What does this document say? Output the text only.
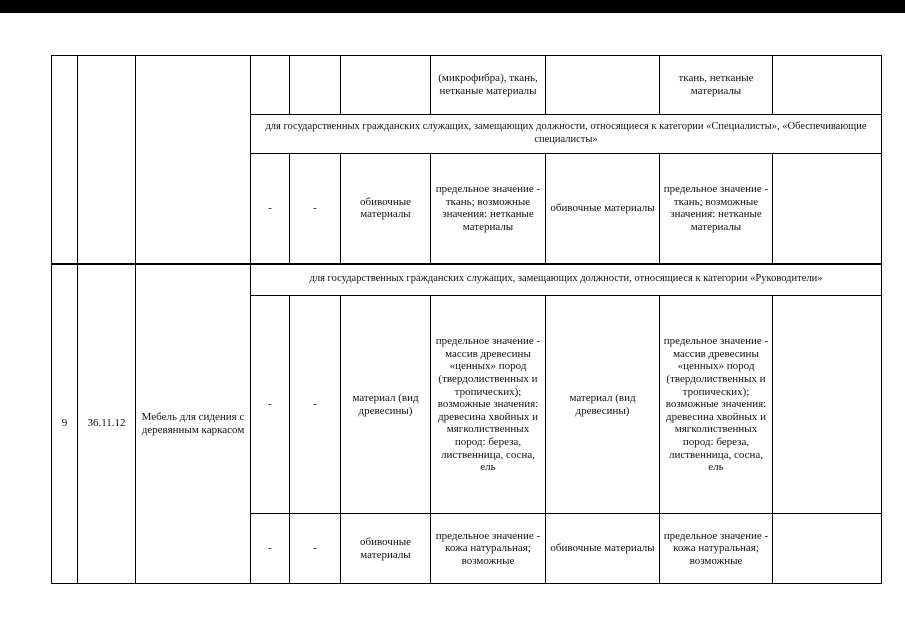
						(микрофибра), ткань, нетканые материалы		ткань, нетканые материалы	
			для государственных гражданских служащих, замещающих должности, относящиеся к категории «Специалисты», «Обеспечивающие специалисты»						
			-	-	обивочные материалы	предельное значение - ткань; возможные значения: нетканые материалы	обивочные материалы	предельное значение - ткань; возможные значения: нетканые материалы	
9	36.11.12	Мебель для сидения с деревянным каркасом	для государственных гражданских служащих, замещающих должности, относящиеся к категории «Руководители»						
			-	-	материал (вид древесины)	предельное значение - массив древесины «ценных» пород (твердолиственных и тропических); возможные значения: древесина хвойных и мягколиственных пород: береза, лиственница, сосна, ель	материал (вид древесины)	предельное значение - массив древесины «ценных» пород (твердолиственных и тропических); возможные значения: древесина хвойных и мягколиственных пород: береза, лиственница, сосна, ель	
			-	-	обивочные материалы	предельное значение - кожа натуральная; возможные	обивочные материалы	предельное значение - кожа натуральная; возможные	
